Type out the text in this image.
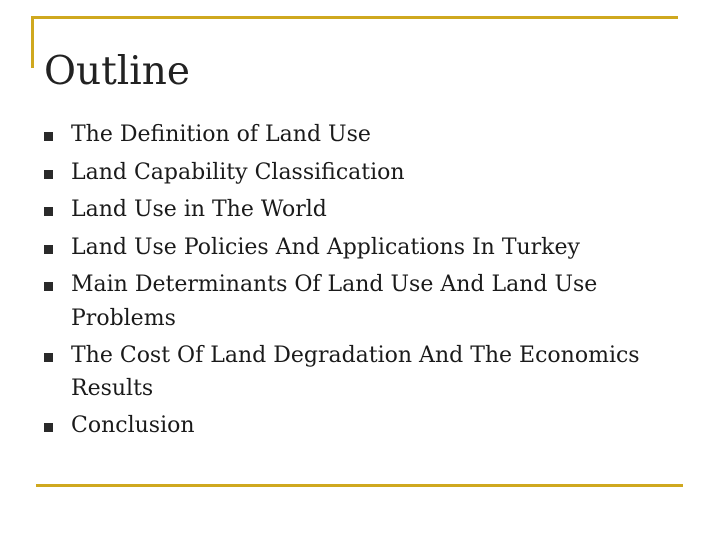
Outline
The Definition of Land Use
Land Capability Classification
Land Use in The World
Land Use Policies And Applications In Turkey
Main Determinants Of Land Use And Land Use Problems
The Cost Of Land Degradation And The Economics Results
Conclusion
